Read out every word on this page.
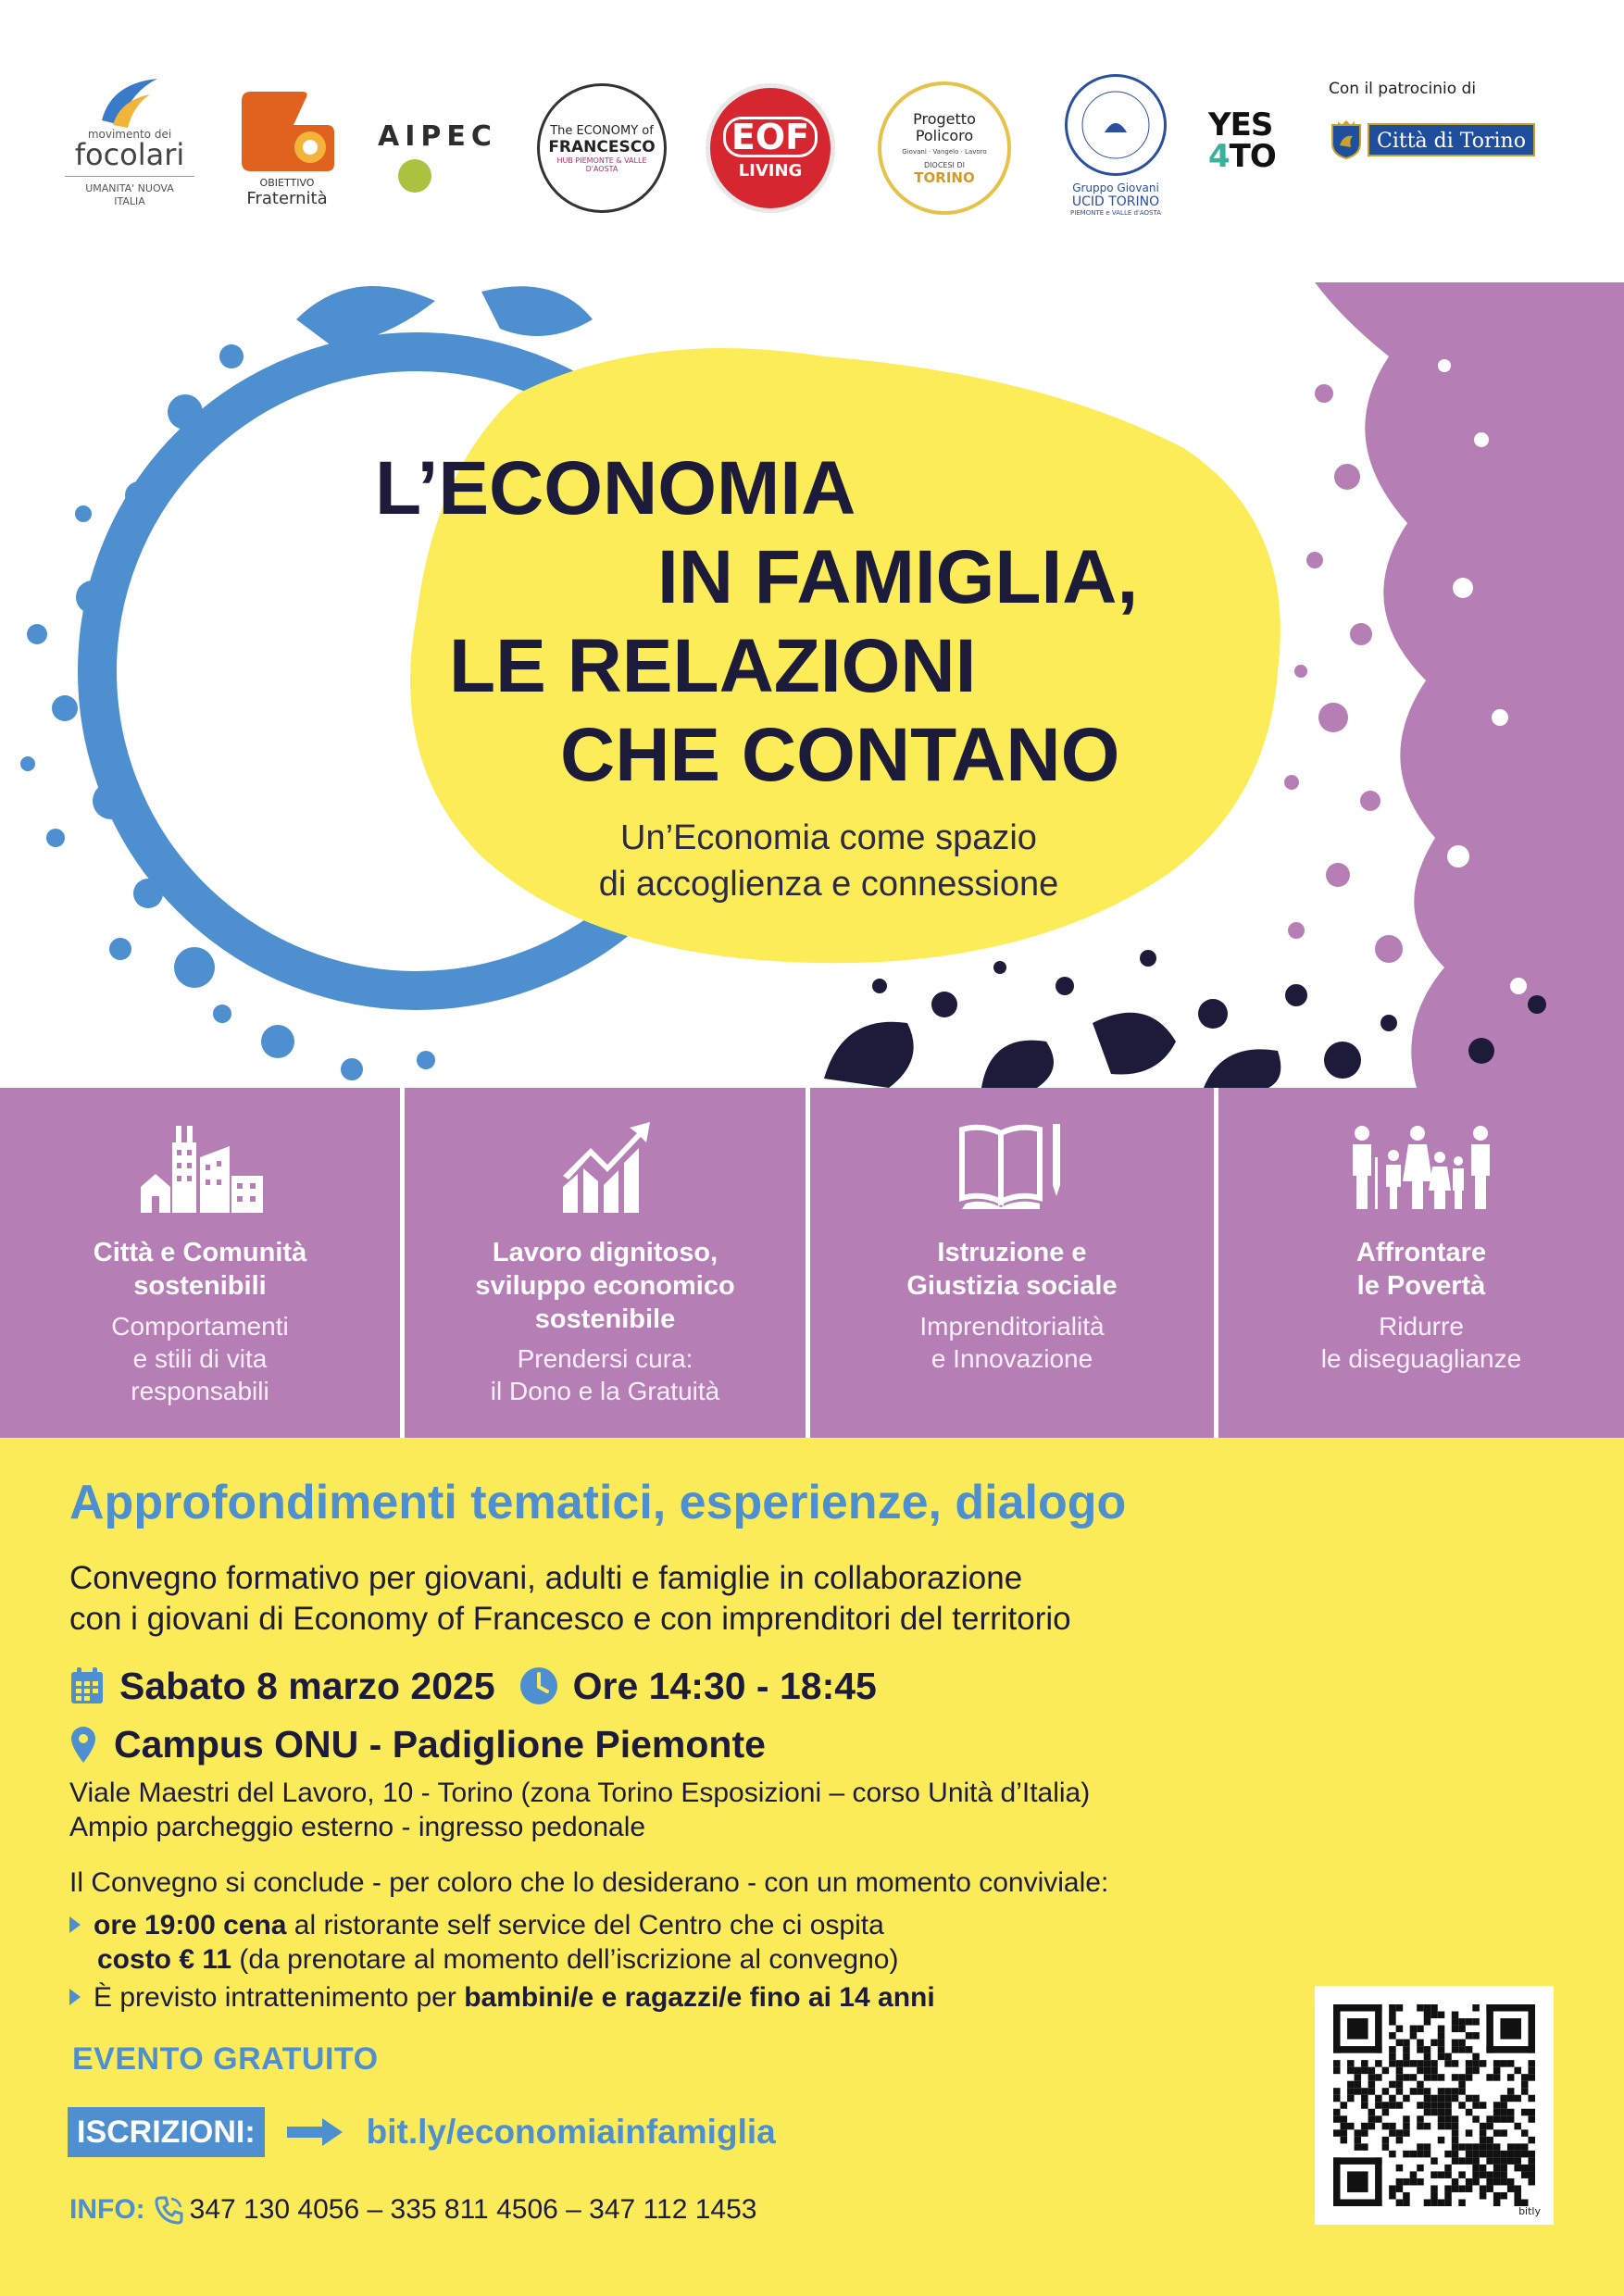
movimento dei
focolari
UMANITA' NUOVA
ITALIA
OBIETTIVO
Fraternità
AIPEC	The ECONOMY of
FRANCESCO
HUB PIEMONTE & VALLE D'AOSTA
EOF
LIVING
Progetto
Policoro
Giovani · Vangelo · Lavoro
DIOCESI DI
TORINO
Gruppo Giovani
UCID TORINO
PIEMONTE e VALLE d'AOSTA
YES
4TO
Con il patrocinio di
Città di Torino
L’ECONOMIA
IN FAMIGLIA,
LE RELAZIONI
CHE CONTANO
Un’Economia come spazio
di accoglienza e connessione
Città e Comunità
sostenibili
Comportamenti
e stili di vita
responsabili
Lavoro dignitoso,
sviluppo economico
sostenibile
Prendersi cura:
il Dono e la Gratuità
Istruzione e
Giustizia sociale
Imprenditorialità
e Innovazione
Affrontare
le Povertà
Ridurre
le diseguaglianze
Approfondimenti tematici, esperienze, dialogo
Convegno formativo per giovani, adulti e famiglie in collaborazione
con i giovani di Economy of Francesco e con imprenditori del territorio
Sabato 8 marzo 2025 Ore 14:30 - 18:45
Campus ONU - Padiglione Piemonte
Viale Maestri del Lavoro, 10 - Torino (zona Torino Esposizioni – corso Unità d’Italia)
Ampio parcheggio esterno - ingresso pedonale
Il Convegno si conclude - per coloro che lo desiderano - con un momento conviviale:
ore 19:00 cena al ristorante self service del Centro che ci ospita
costo € 11 (da prenotare al momento dell’iscrizione al convegno)
È previsto intrattenimento per bambini/e e ragazzi/e fino ai 14 anni
EVENTO GRATUITO
ISCRIZIONI:	bit.ly/economiainfamiglia
INFO: 347 130 4056 – 335 811 4506 – 347 112 1453	bitly
